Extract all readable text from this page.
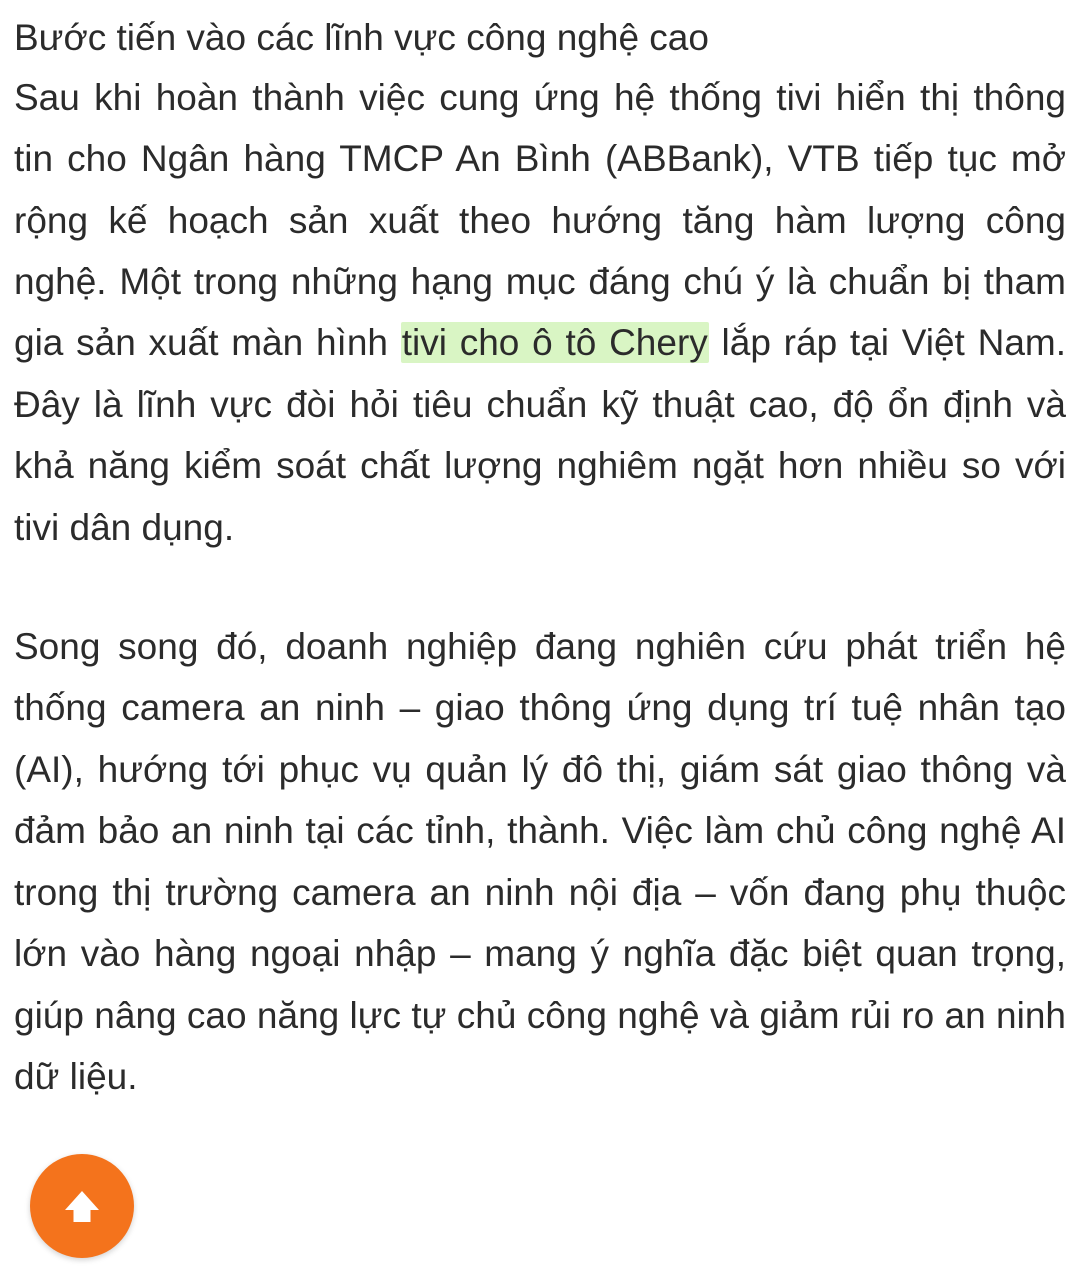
Bước tiến vào các lĩnh vực công nghệ cao

Sau khi hoàn thành việc cung ứng hệ thống tivi hiển thị thông tin cho Ngân hàng TMCP An Bình (ABBank), VTB tiếp tục mở rộng kế hoạch sản xuất theo hướng tăng hàm lượng công nghệ. Một trong những hạng mục đáng chú ý là chuẩn bị tham gia sản xuất màn hình tivi cho ô tô Chery lắp ráp tại Việt Nam. Đây là lĩnh vực đòi hỏi tiêu chuẩn kỹ thuật cao, độ ổn định và khả năng kiểm soát chất lượng nghiêm ngặt hơn nhiều so với tivi dân dụng.

Song song đó, doanh nghiệp đang nghiên cứu phát triển hệ thống camera an ninh – giao thông ứng dụng trí tuệ nhân tạo (AI), hướng tới phục vụ quản lý đô thị, giám sát giao thông và đảm bảo an ninh tại các tỉnh, thành. Việc làm chủ công nghệ AI trong thị trường camera an ninh nội địa – vốn đang phụ thuộc lớn vào hàng ngoại nhập – mang ý nghĩa đặc biệt quan trọng, giúp nâng cao năng lực tự chủ công nghệ và giảm rủi ro an ninh dữ liệu.
